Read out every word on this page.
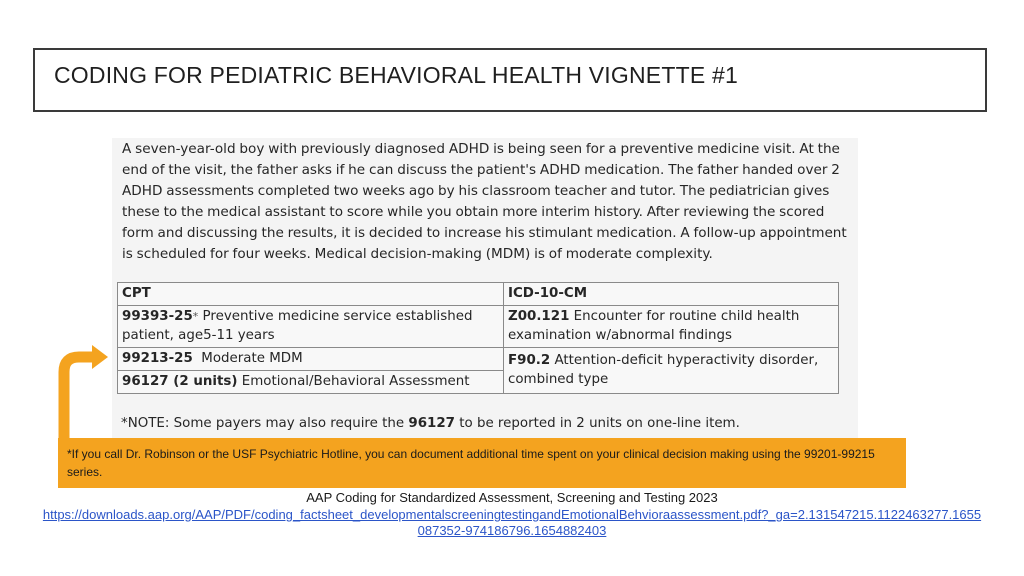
CODING FOR PEDIATRIC BEHAVIORAL HEALTH VIGNETTE #1
A seven-year-old boy with previously diagnosed ADHD is being seen for a preventive medicine visit. At the end of the visit, the father asks if he can discuss the patient's ADHD medication. The father handed over 2 ADHD assessments completed two weeks ago by his classroom teacher and tutor. The pediatrician gives these to the medical assistant to score while you obtain more interim history. After reviewing the scored form and discussing the results, it is decided to increase his stimulant medication. A follow-up appointment is scheduled for four weeks. Medical decision-making (MDM) is of moderate complexity.
CPT	ICD-10-CM
99393-25* Preventive medicine service established patient, age5-11 years	Z00.121 Encounter for routine child health examination w/abnormal findings
99213-25  Moderate MDM	F90.2 Attention-deficit hyperactivity disorder, combined type
96127 (2 units) Emotional/Behavioral Assessment	
*NOTE: Some payers may also require the 96127 to be reported in 2 units on one-line item.
*If you call Dr. Robinson or the USF Psychiatric Hotline, you can document additional time spent on your clinical decision making using the 99201-99215 series.
AAP Coding for Standardized Assessment, Screening and Testing 2023
https://downloads.aap.org/AAP/PDF/coding_factsheet_developmentalscreeningtestingandEmotionalBehvioraassessment.pdf?_ga=2.131547215.1122463277.1655087352-974186796.1654882403
